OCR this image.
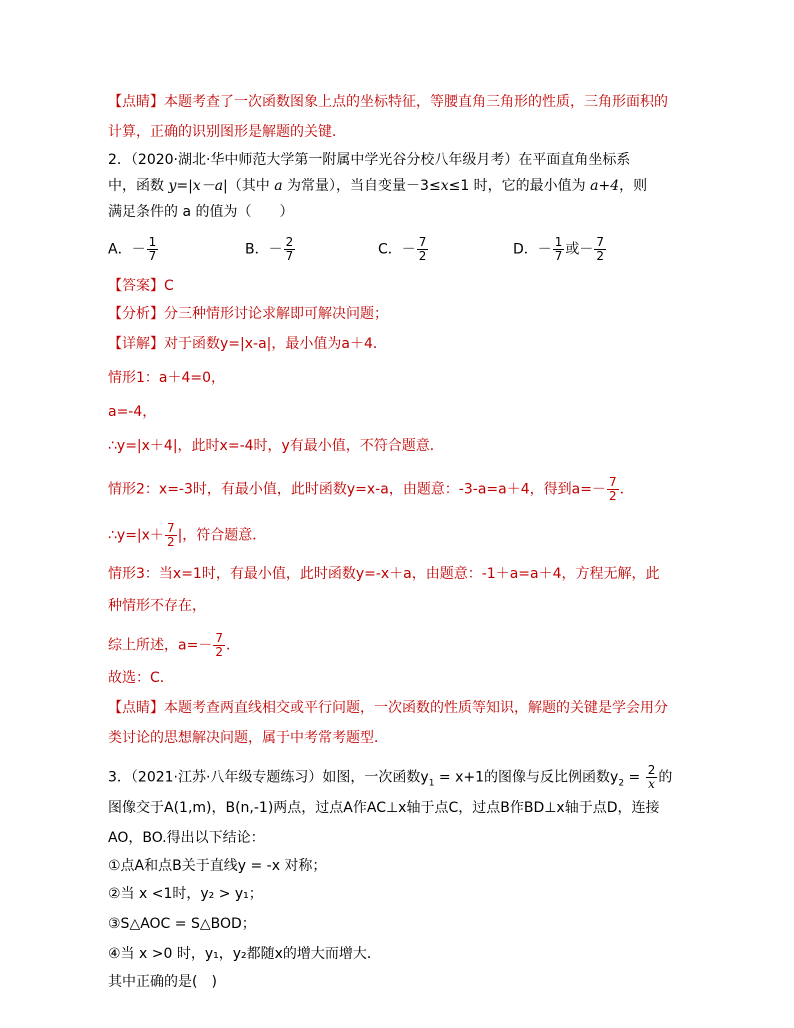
【点睛】本题考查了一次函数图象上点的坐标特征，等腰直角三角形的性质，三角形面积的
计算，正确的识别图形是解题的关键．
2．（2020·湖北·华中师范大学第一附属中学光谷分校八年级月考）在平面直角坐标系
中，函数 y=|x－a|（其中 a 为常量），当自变量－3≤x≤1 时，它的最小值为 a+4，则
满足条件的 a 的值为（　　）
A．－ $\frac{1}{7}$	B．－ $\frac{2}{7}$	C．－ $\frac{7}{2}$	D．－ $\frac{1}{7}$ 或－ $\frac{7}{2}$
【答案】C
【分析】分三种情形讨论求解即可解决问题；
【详解】对于函数y=|x-a|，最小值为a＋4．
情形1：a＋4=0，
a=-4，
∴y=|x＋4|，此时x=-4时，y有最小值，不符合题意．
情形2：x=-3时，有最小值，此时函数y=x-a，由题意：-3-a=a＋4，得到$a=- \frac{7}{2}$ ．
∴y=|x＋ $\frac{7}{2}$ |，符合题意．
情形3：当x=1时，有最小值，此时函数y=-x＋a，由题意：-1＋a=a＋4，方程无解，此
种情形不存在，
综上所述，$a=- \frac{7}{2}$ ．
故选：C．
【点睛】本题考查两直线相交或平行问题，一次函数的性质等知识，解题的关键是学会用分
类讨论的思想解决问题，属于中考常考题型．
3．（2021·江苏·八年级专题练习）如图，一次函数$y_1 = x+1$的图像与反比例函数$y_2 = \frac{2}{x}$ 的
图像交于A(1,m)，B(n,-1)两点，过点A作AC⊥x轴于点C，过点B作BD⊥x轴于点D，连接
AO，BO.得出以下结论：
①点A和点B关于直线y = -x 对称；
②当 x <1时，y₂ > y₁；
③S△AOC = S△BOD；
④当 x >0 时，y₁，y₂都随x的增大而增大．
其中正确的是(　)
